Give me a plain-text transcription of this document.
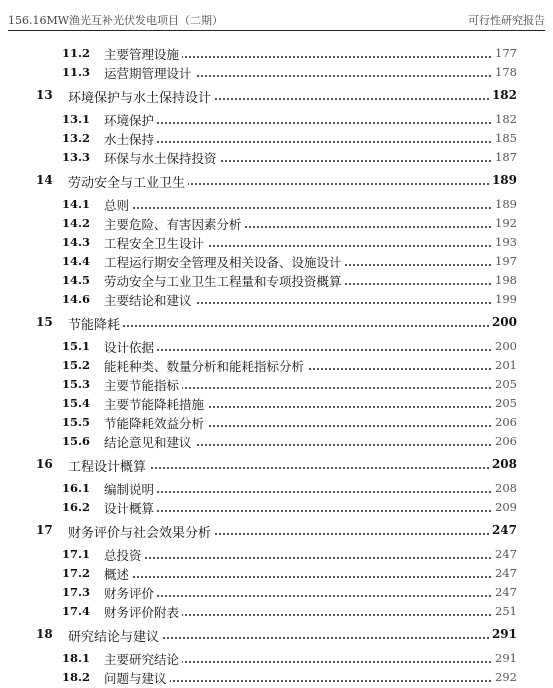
156.16MW渔光互补光伏发电项目（二期）	可行性研究报告
11.2 主要管理设施	177
11.3 运营期管理设计	178
13 环境保护与水土保持设计	182
13.1 环境保护	182
13.2 水土保持	185
13.3 环保与水土保持投资	187
14 劳动安全与工业卫生	189
14.1 总则	189
14.2 主要危险、有害因素分析	192
14.3 工程安全卫生设计	193
14.4 工程运行期安全管理及相关设备、设施设计	197
14.5 劳动安全与工业卫生工程量和专项投资概算	198
14.6 主要结论和建议	199
15 节能降耗	200
15.1 设计依据	200
15.2 能耗种类、数量分析和能耗指标分析	201
15.3 主要节能指标	205
15.4 主要节能降耗措施	205
15.5 节能降耗效益分析	206
15.6 结论意见和建议	206
16 工程设计概算	208
16.1 编制说明	208
16.2 设计概算	209
17 财务评价与社会效果分析	247
17.1 总投资	247
17.2 概述	247
17.3 财务评价	247
17.4 财务评价附表	251
18 研究结论与建议	291
18.1 主要研究结论	291
18.2 问题与建议	292
